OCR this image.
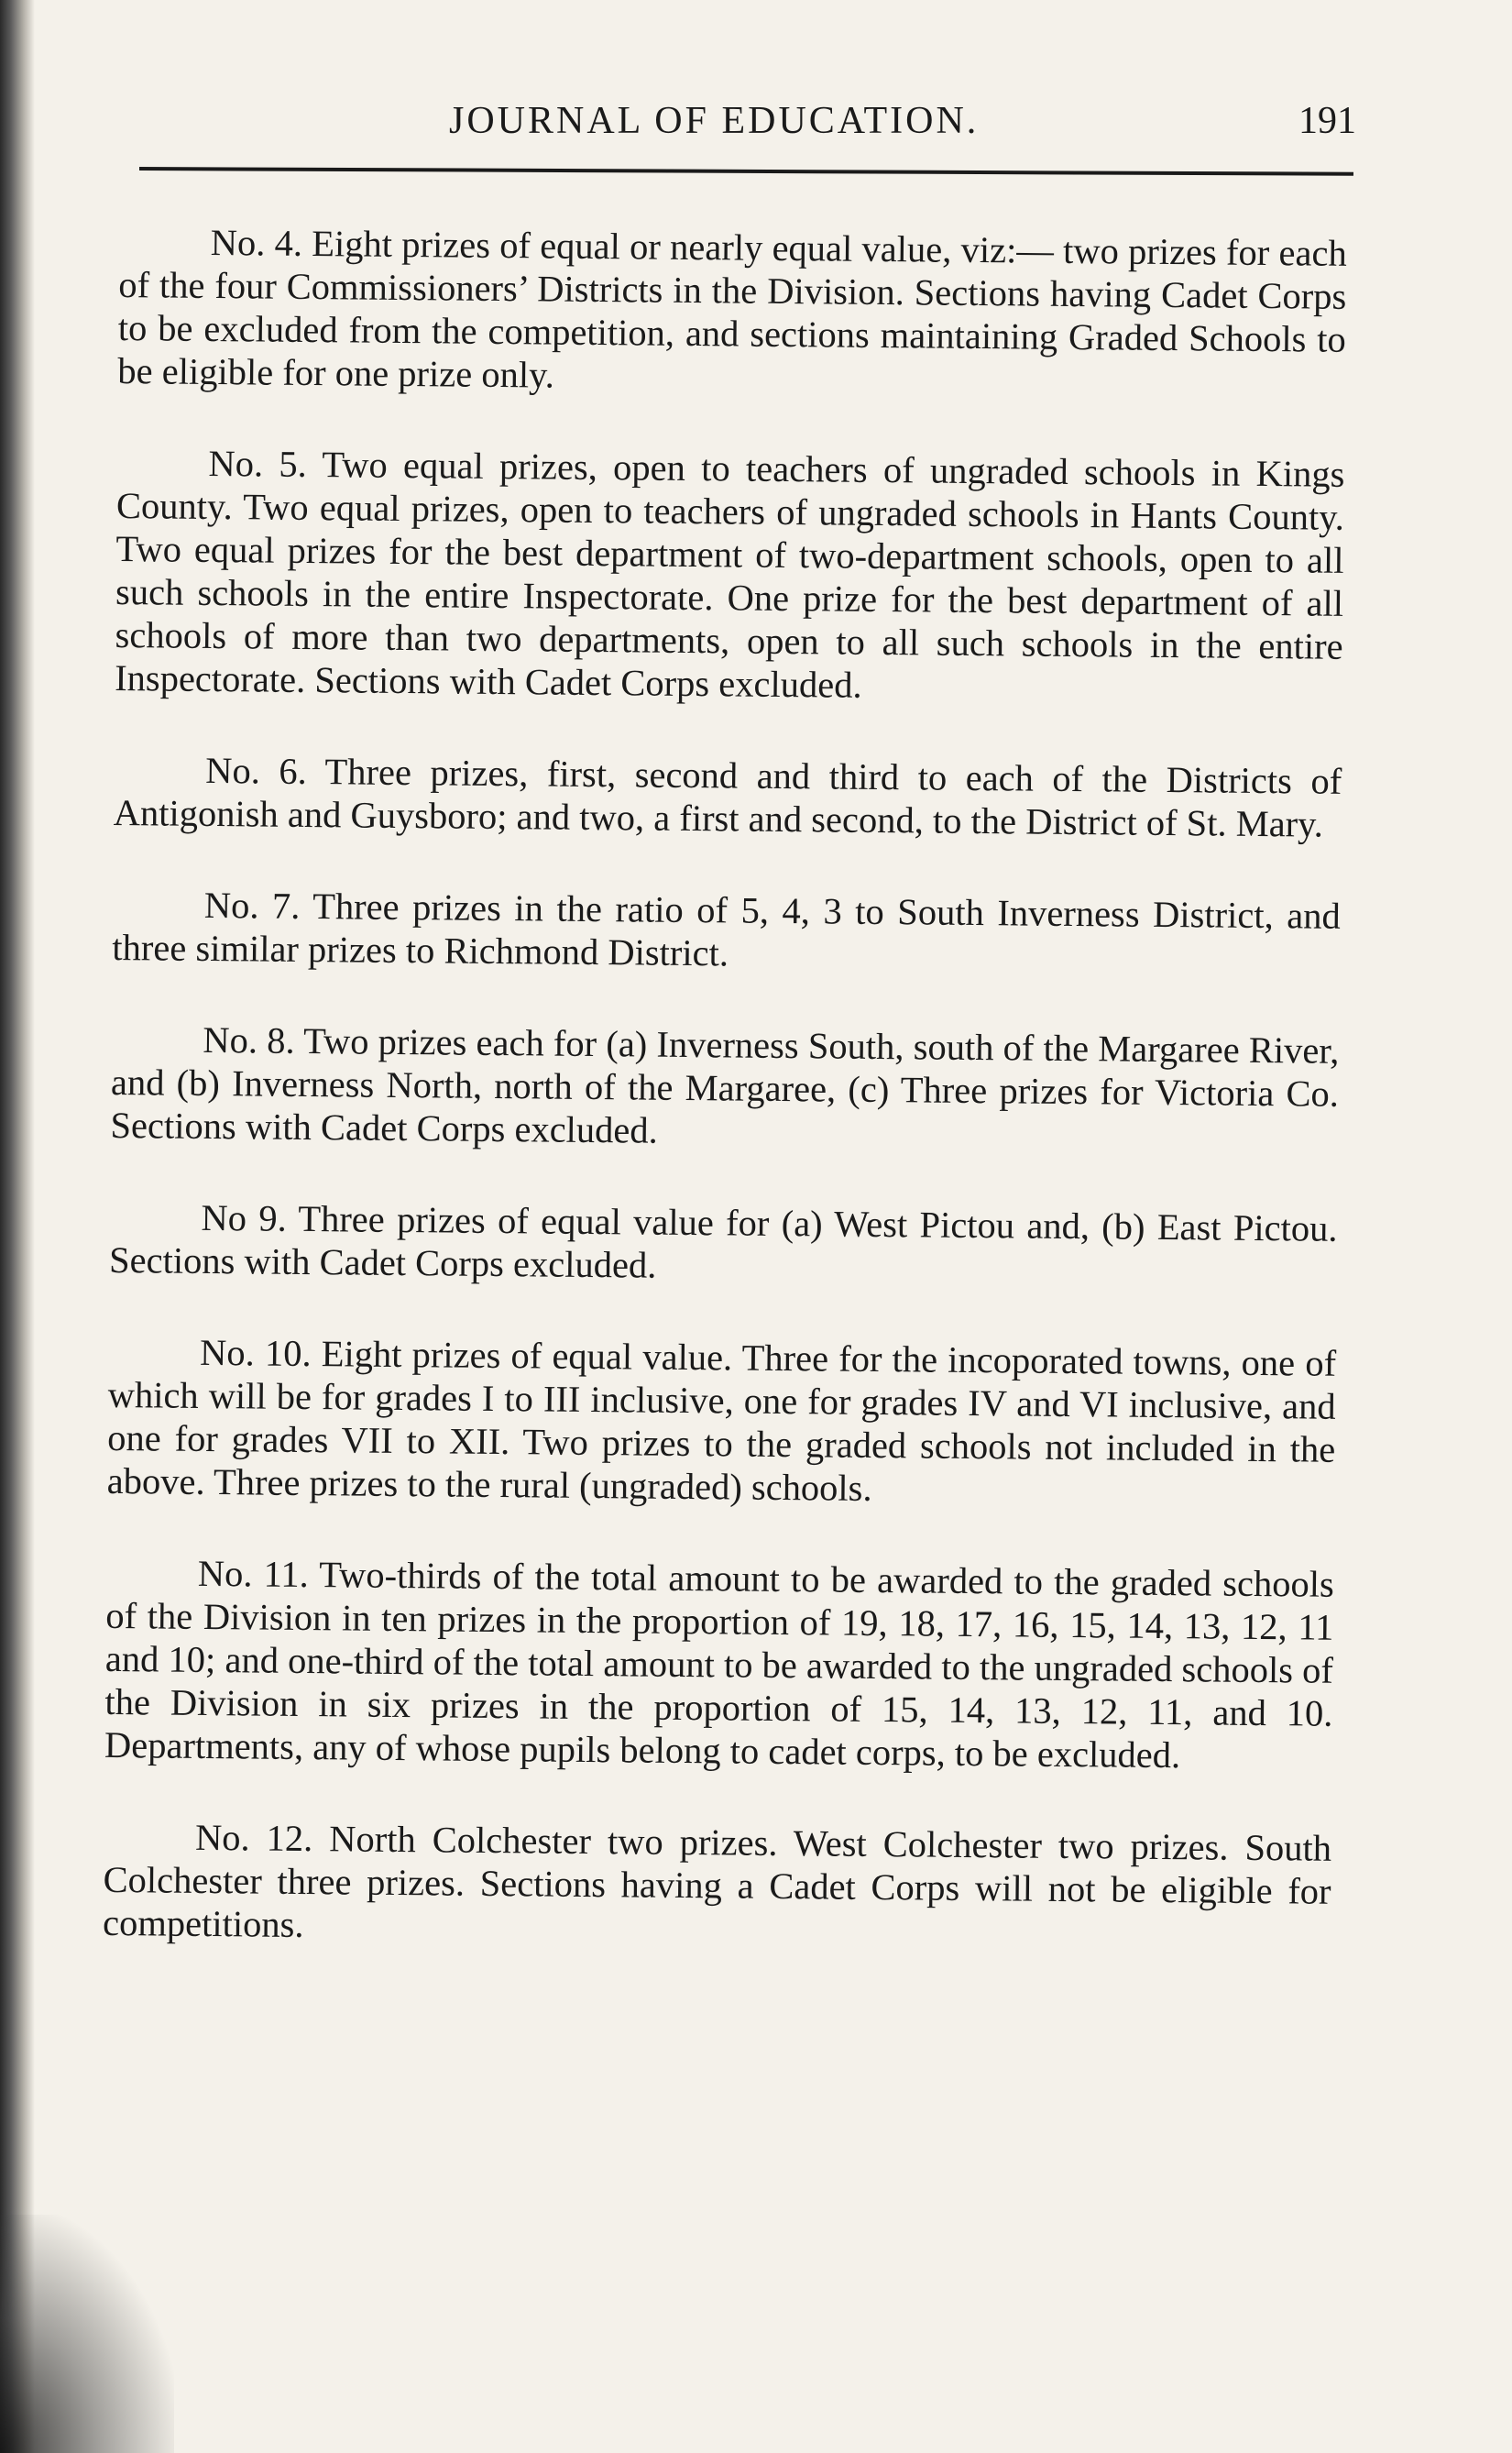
JOURNAL OF EDUCATION.	191

No. 4. Eight prizes of equal or nearly equal value, viz:— two prizes for each of the four Commissioners’ Districts in the Division. Sections having Cadet Corps to be excluded from the competition, and sections maintaining Graded Schools to be eligible for one prize only.

No. 5. Two equal prizes, open to teachers of ungraded schools in Kings County. Two equal prizes, open to teachers of ungraded schools in Hants County. Two equal prizes for the best department of two-department schools, open to all such schools in the entire Inspectorate. One prize for the best department of all schools of more than two departments, open to all such schools in the entire Inspectorate. Sections with Cadet Corps excluded.

No. 6. Three prizes, first, second and third to each of the Districts of Antigonish and Guysboro; and two, a first and second, to the District of St. Mary.

No. 7. Three prizes in the ratio of 5, 4, 3 to South Inverness District, and three similar prizes to Richmond District.

No. 8. Two prizes each for (a) Inverness South, south of the Margaree River, and (b) Inverness North, north of the Margaree, (c) Three prizes for Victoria Co. Sections with Cadet Corps excluded.

No 9. Three prizes of equal value for (a) West Pictou and, (b) East Pictou. Sections with Cadet Corps excluded.

No. 10. Eight prizes of equal value. Three for the incoporated towns, one of which will be for grades I to III inclusive, one for grades IV and VI inclusive, and one for grades VII to XII. Two prizes to the graded schools not included in the above. Three prizes to the rural (ungraded) schools.

No. 11. Two-thirds of the total amount to be awarded to the graded schools of the Division in ten prizes in the proportion of 19, 18, 17, 16, 15, 14, 13, 12, 11 and 10; and one-third of the total amount to be awarded to the ungraded schools of the Division in six prizes in the proportion of 15, 14, 13, 12, 11, and 10. Departments, any of whose pupils belong to cadet corps, to be excluded.

No. 12. North Colchester two prizes. West Colchester two prizes. South Colchester three prizes. Sections having a Cadet Corps will not be eligible for competitions.
